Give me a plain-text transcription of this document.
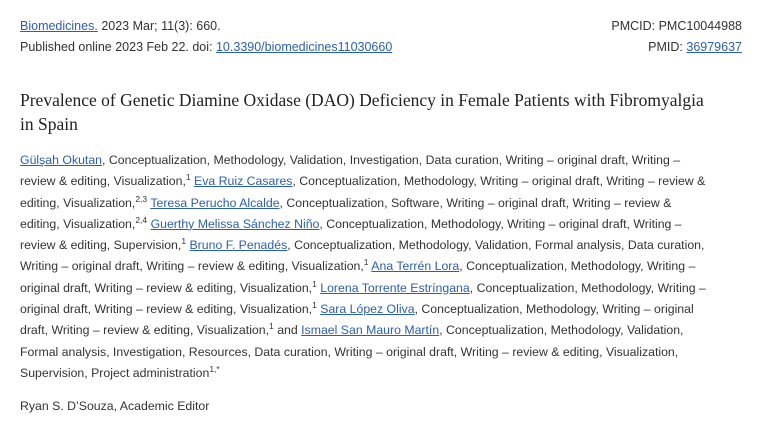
Biomedicines. 2023 Mar; 11(3): 660.	PMCID: PMC10044988
Published online 2023 Feb 22. doi: 10.3390/biomedicines11030660	PMID: 36979637
Prevalence of Genetic Diamine Oxidase (DAO) Deficiency in Female Patients with Fibromyalgia in Spain
Gülşah Okutan, Conceptualization, Methodology, Validation, Investigation, Data curation, Writing – original draft, Writing – review & editing, Visualization,$^1$ Eva Ruiz Casares, Conceptualization, Methodology, Writing – original draft, Writing – review & editing, Visualization,$^{2,3}$ Teresa Perucho Alcalde, Conceptualization, Software, Writing – original draft, Writing – review & editing, Visualization,$^{2,4}$ Guerthy Melissa Sánchez Niño, Conceptualization, Methodology, Writing – original draft, Writing – review & editing, Supervision,$^1$ Bruno F. Penadés, Conceptualization, Methodology, Validation, Formal analysis, Data curation, Writing – original draft, Writing – review & editing, Visualization,$^1$ Ana Terrén Lora, Conceptualization, Methodology, Writing – original draft, Writing – review & editing, Visualization,$^1$ Lorena Torrente Estríngana, Conceptualization, Methodology, Writing – original draft, Writing – review & editing, Visualization,$^1$ Sara López Oliva, Conceptualization, Methodology, Writing – original draft, Writing – review & editing, Visualization,$^1$ and Ismael San Mauro Martín, Conceptualization, Methodology, Validation, Formal analysis, Investigation, Resources, Data curation, Writing – original draft, Writing – review & editing, Visualization, Supervision, Project administration$^{1,*}$
Ryan S. D’Souza, Academic Editor
